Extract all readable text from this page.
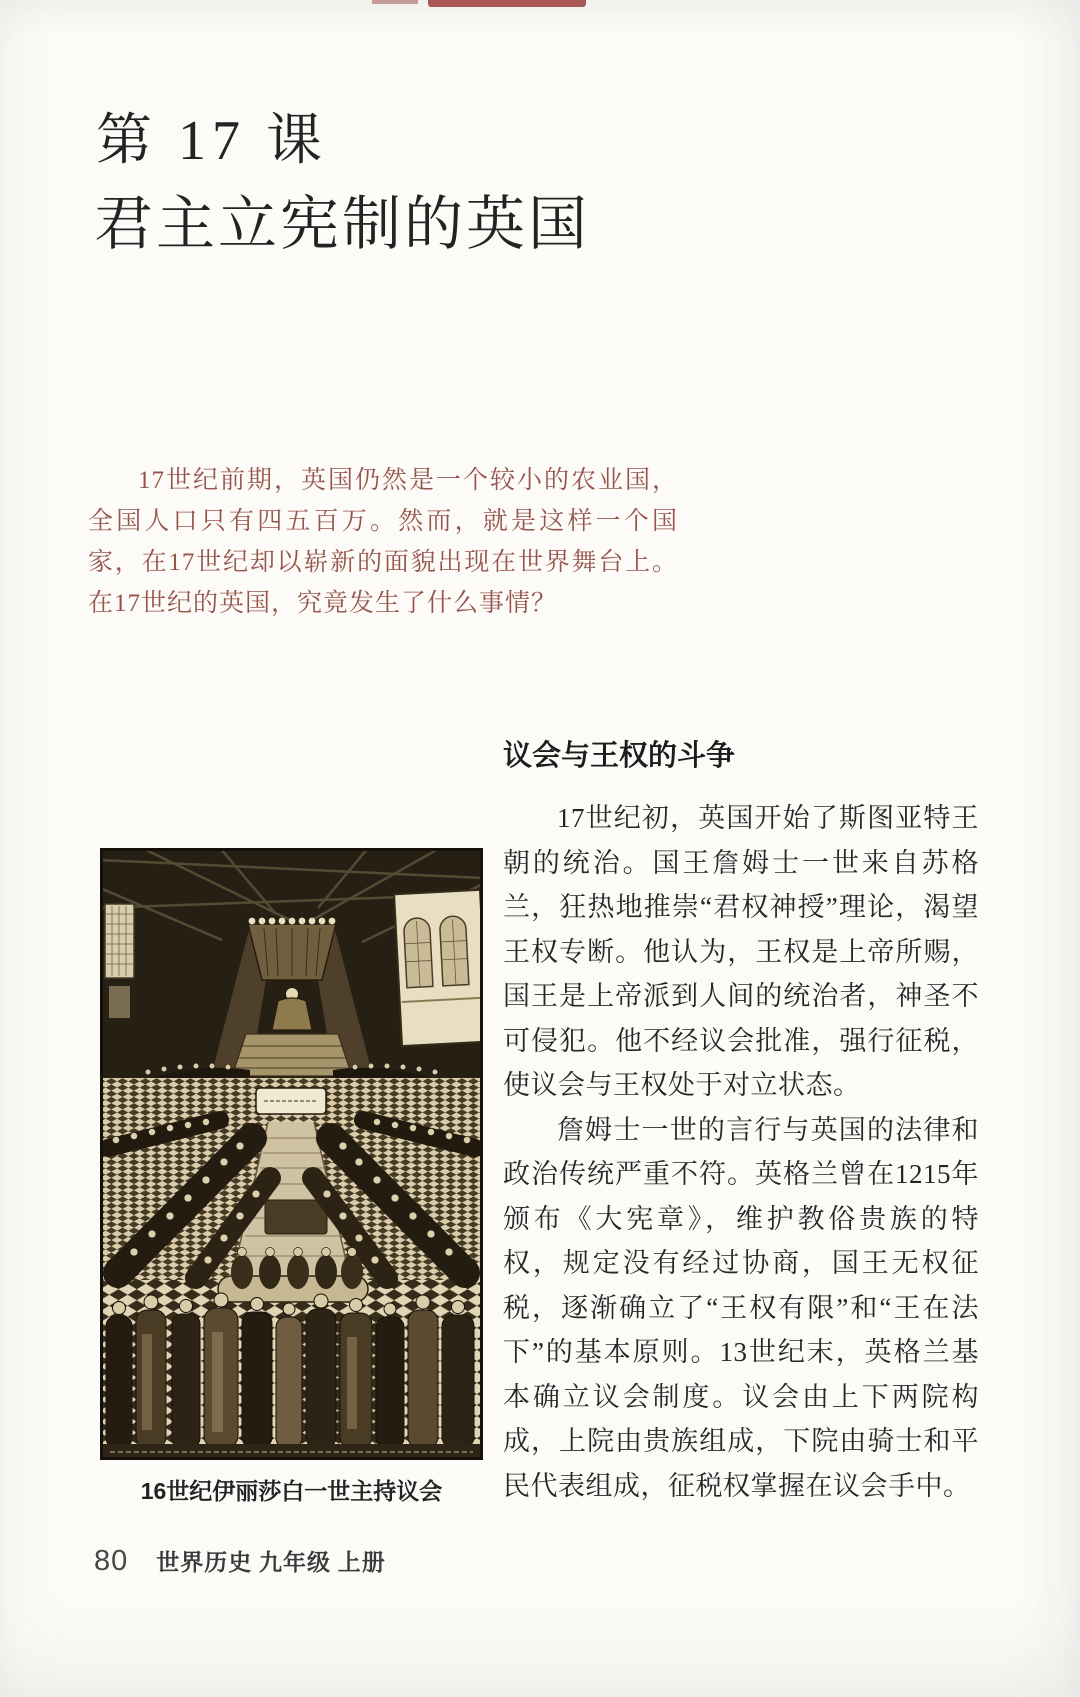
第 17 课
君主立宪制的英国

17世纪前期，英国仍然是一个较小的农业国，全国人口只有四五百万。然而，就是这样一个国家，在17世纪却以崭新的面貌出现在世界舞台上。在17世纪的英国，究竟发生了什么事情？

16世纪伊丽莎白一世主持议会
议会与王权的斗争

17世纪初，英国开始了斯图亚特王朝的统治。国王詹姆士一世来自苏格兰，狂热地推崇“君权神授”理论，渴望王权专断。他认为，王权是上帝所赐，国王是上帝派到人间的统治者，神圣不可侵犯。他不经议会批准，强行征税，使议会与王权处于对立状态。

詹姆士一世的言行与英国的法律和政治传统严重不符。英格兰曾在1215年颁布《大宪章》，维护教俗贵族的特权，规定没有经过协商，国王无权征税，逐渐确立了“王权有限”和“王在法下”的基本原则。13世纪末，英格兰基本确立议会制度。议会由上下两院构成，上院由贵族组成，下院由骑士和平民代表组成，征税权掌握在议会手中。

80 世界历史 九年级 上册
